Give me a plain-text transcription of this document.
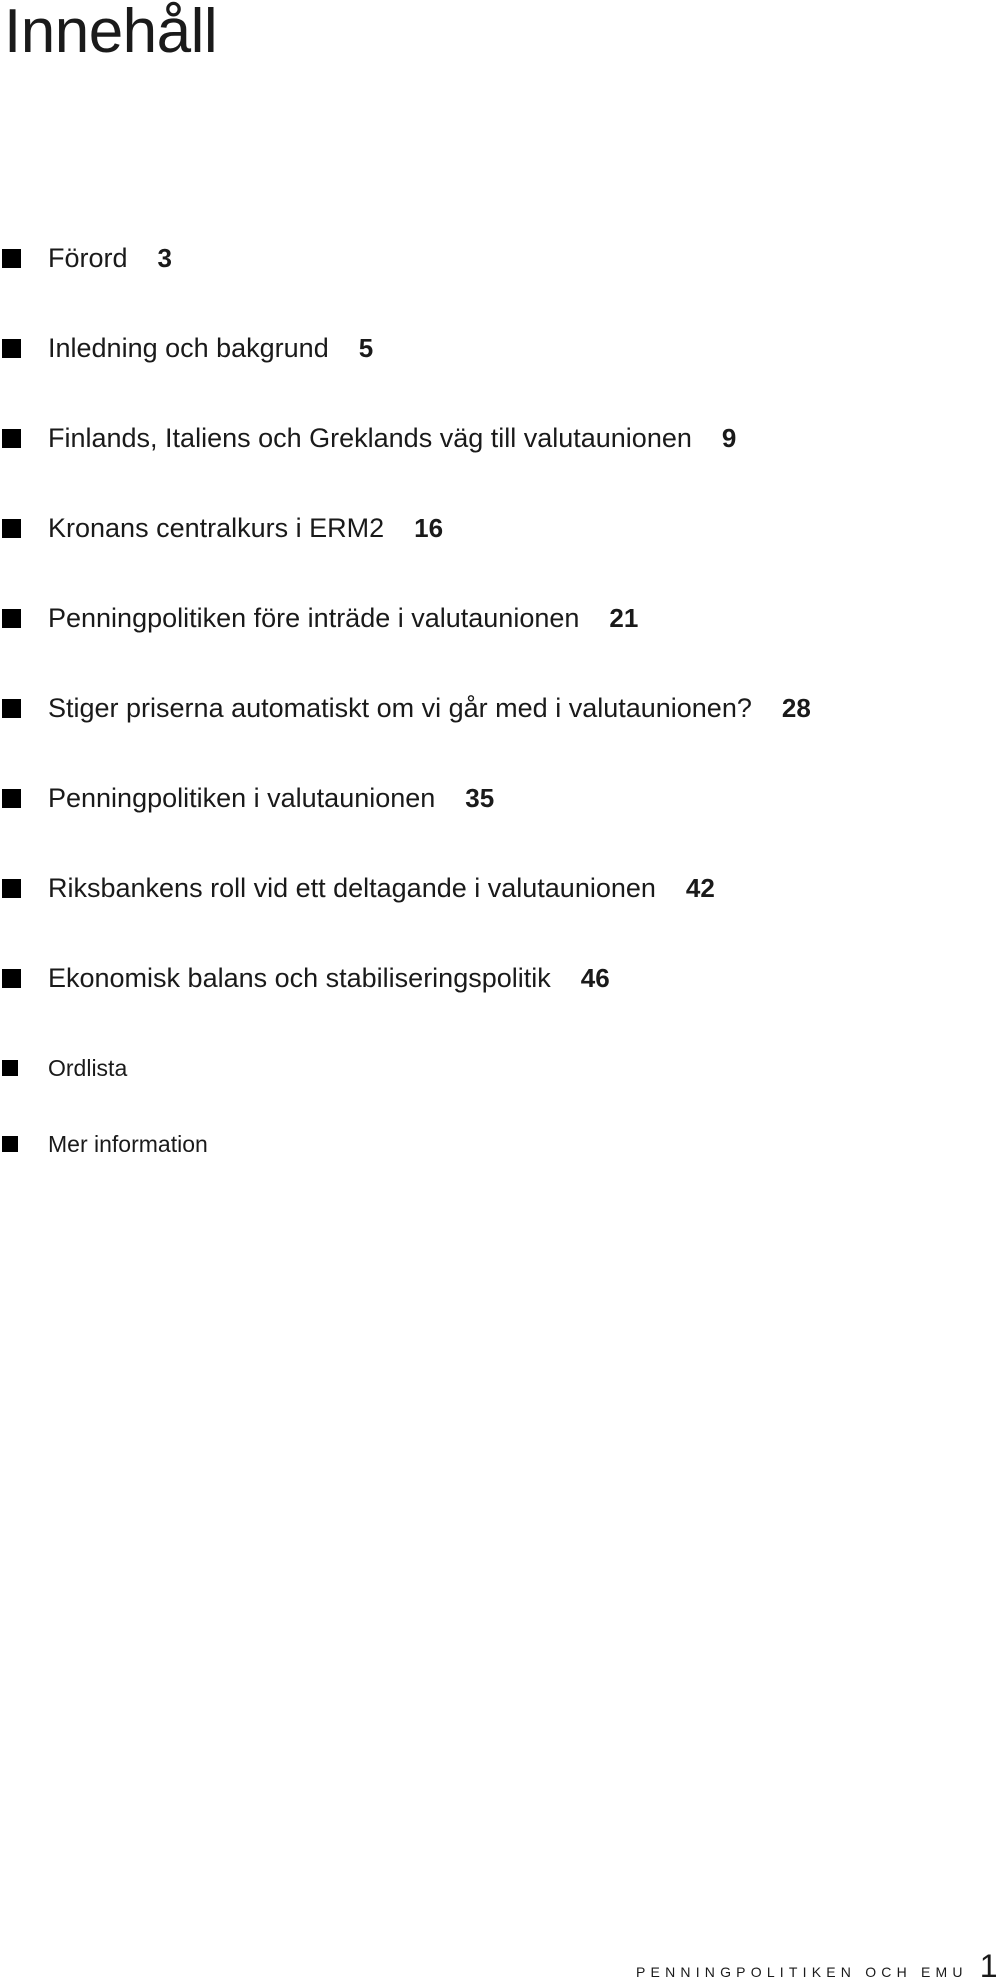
Innehåll
Förord 3
Inledning och bakgrund 5
Finlands, Italiens och Greklands väg till valutaunionen 9
Kronans centralkurs i ERM2 16
Penningpolitiken före inträde i valutaunionen 21
Stiger priserna automatiskt om vi går med i valutaunionen? 28
Penningpolitiken i valutaunionen 35
Riksbankens roll vid ett deltagande i valutaunionen 42
Ekonomisk balans och stabiliseringspolitik 46
Ordlista
Mer information
PENNINGPOLITIKEN OCH EMU 1
